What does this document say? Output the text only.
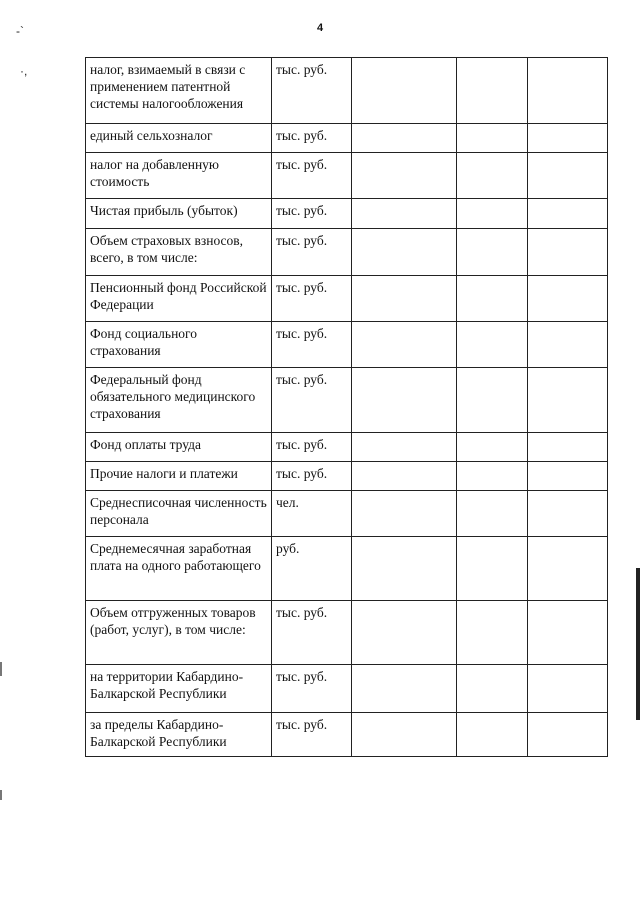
4
-`
·,	налог, взимаемый в связи с применением патентной системы налогообложения	тыс. руб.			
единый сельхозналог	тыс. руб.			
налог на добавленную стоимость	тыс. руб.			
Чистая прибыль (убыток)	тыс. руб.			
Объем страховых взносов, всего, в том числе:	тыс. руб.			
Пенсионный фонд Российской Федерации	тыс. руб.			
Фонд социального страхования	тыс. руб.			
Федеральный фонд обязательного медицинского страхования	тыс. руб.			
Фонд оплаты труда	тыс. руб.			
Прочие налоги и платежи	тыс. руб.			
Среднесписочная численность персонала	чел.			
Среднемесячная заработная плата на одного работающего	руб.			
Объем отгруженных товаров (работ, услуг), в том числе:	тыс. руб.			
на территории Кабардино-Балкарской Республики	тыс. руб.			
за пределы Кабардино-Балкарской Республики	тыс. руб.			
